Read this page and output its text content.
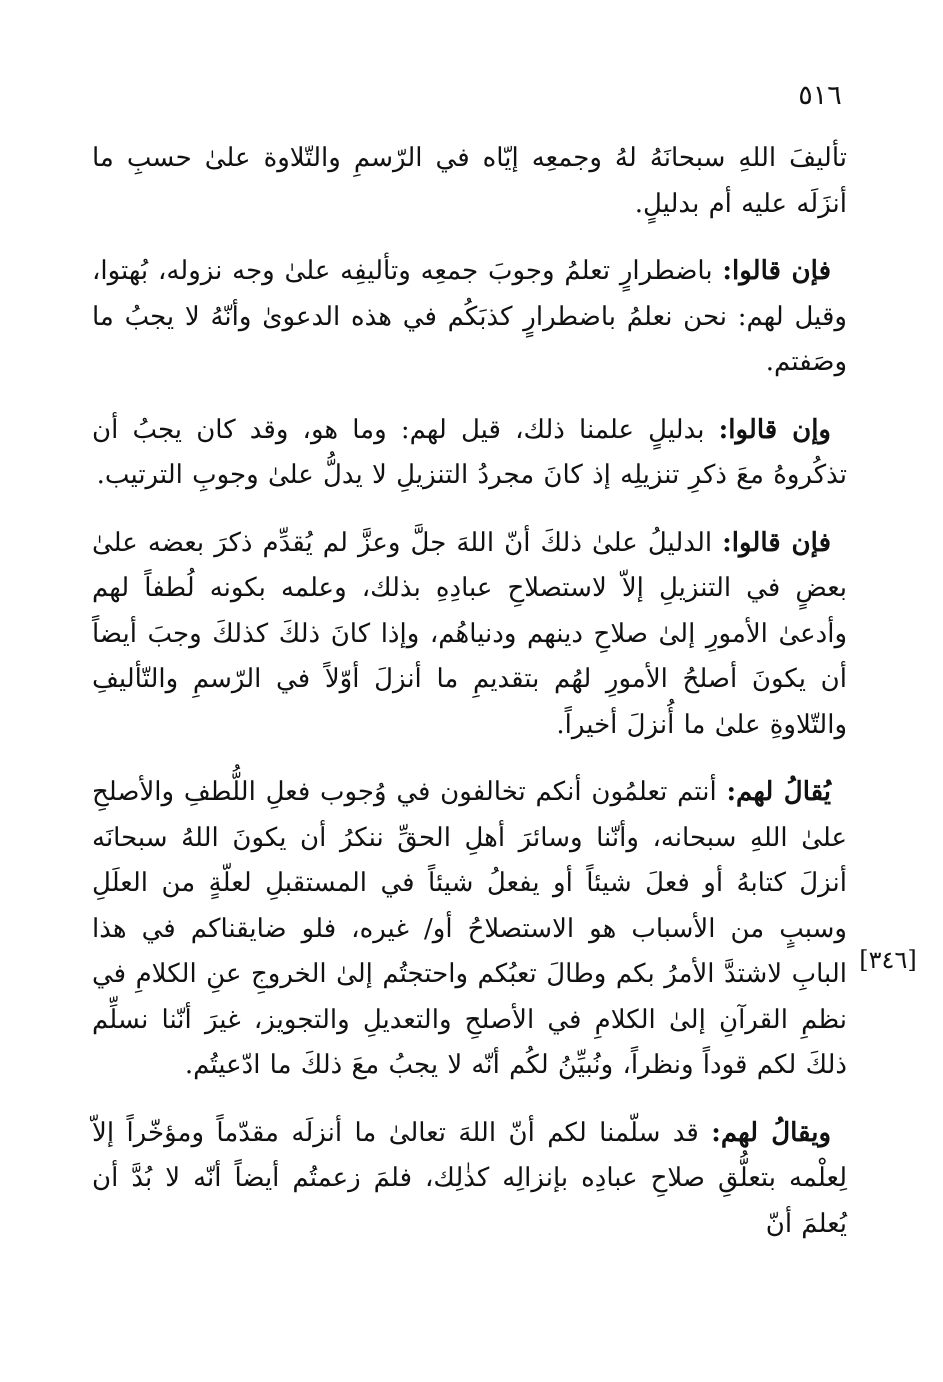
٥١٦
[٣٤٦]

تأليفَ اللهِ سبحانَهُ لهُ وجمعِه إيّاه في الرّسمِ والتّلاوة علىٰ حسبِ ما أنزَلَه عليه أم بدليلٍ.

فإن قالوا: باضطرارٍ تعلمُ وجوبَ جمعِه وتأليفِه علىٰ وجه نزوله، بُهتوا، وقيل لهم: نحن نعلمُ باضطرارٍ كذبَكُم في هذه الدعوىٰ وأنّهُ لا يجبُ ما وصَفتم.

وإن قالوا: بدليلٍ علمنا ذلك، قيل لهم: وما هو، وقد كان يجبُ أن تذكُروهُ معَ ذكرِ تنزيلِه إذ كانَ مجردُ التنزيلِ لا يدلُّ علىٰ وجوبِ الترتيب.

فإن قالوا: الدليلُ علىٰ ذلكَ أنّ اللهَ جلَّ وعزَّ لم يُقدِّم ذكرَ بعضه علىٰ بعضٍ في التنزيلِ إلاّ لاستصلاحِ عبادِهِ بذلك، وعلمه بكونه لُطفاً لهم وأدعىٰ الأمورِ إلىٰ صلاحِ دينهم ودنياهُم، وإذا كانَ ذلكَ كذلكَ وجبَ أيضاً أن يكونَ أصلحُ الأمورِ لهُم بتقديمِ ما أنزلَ أوّلاً في الرّسمِ والتّأليفِ والتّلاوةِ علىٰ ما أُنزلَ أخيراً.

يُقالُ لهم: أنتم تعلمُون أنكم تخالفون في وُجوب فعلِ اللُّطفِ والأصلحِ علىٰ اللهِ سبحانه، وأنّنا وسائرَ أهلِ الحقِّ ننكرُ أن يكونَ اللهُ سبحانَه أنزلَ كتابهُ أو فعلَ شيئاً أو يفعلُ شيئاً في المستقبلِ لعلّةٍ من العلَلِ وسببٍ من الأسباب هو الاستصلاحُ أو/ غيره، فلو ضايقناكم في هذا البابِ لاشتدَّ الأمرُ بكم وطالَ تعبُكم واحتجتُم إلىٰ الخروجِ عنِ الكلامِ في نظمِ القرآنِ إلىٰ الكلامِ في الأصلحِ والتعديلِ والتجويز، غيرَ أنّنا نسلِّم ذلكَ لكم قوداً ونظراً، ونُبيِّنُ لكُم أنّه لا يجبُ معَ ذلكَ ما ادّعيتُم.

ويقالُ لهم: قد سلّمنا لكم أنّ اللهَ تعالىٰ ما أنزلَه مقدّماً ومؤخّراً إلاّ لِعلْمه بتعلُّقِ صلاحِ عبادِه بإنزالِه كذٰلِك، فلمَ زعمتُم أيضاً أنّه لا بُدَّ أن يُعلمَ أنّ
